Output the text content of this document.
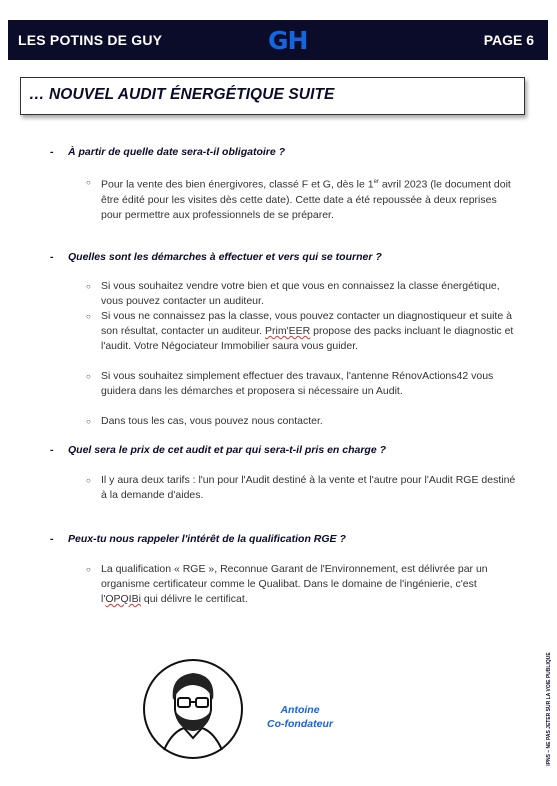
LES POTINS DE GUY	GH	PAGE 6
… NOUVEL AUDIT ÉNERGÉTIQUE SUITE
- À partir de quelle date sera-t-il obligatoire ?
○ Pour la vente des bien énergivores, classé F et G, dès le 1er avril 2023 (le document doit être édité pour les visites dès cette date). Cette date a été repoussée à deux reprises pour permettre aux professionnels de se préparer.
- Quelles sont les démarches à effectuer et vers qui se tourner ?
○ Si vous souhaitez vendre votre bien et que vous en connaissez la classe énergétique, vous pouvez contacter un auditeur.
○ Si vous ne connaissez pas la classe, vous pouvez contacter un diagnostiqueur et suite à son résultat, contacter un auditeur. Prim'EER propose des packs incluant le diagnostic et l'audit. Votre Négociateur Immobilier saura vous guider.
○ Si vous souhaitez simplement effectuer des travaux, l'antenne RénovActions42 vous guidera dans les démarches et proposera si nécessaire un Audit.
○ Dans tous les cas, vous pouvez nous contacter.
- Quel sera le prix de cet audit et par qui sera-t-il pris en charge ?
○ Il y aura deux tarifs : l'un pour l'Audit destiné à la vente et l'autre pour l'Audit RGE destiné à la demande d'aides.
- Peux-tu nous rappeler l'intérêt de la qualification RGE ?
○ La qualification « RGE », Reconnue Garant de l'Environnement, est délivrée par un organisme certificateur comme le Qualibat. Dans le domaine de l'ingénierie, c'est l'OPQIBi qui délivre le certificat.
Antoine
Co-fondateur	IPNS – NE PAS JETER SUR LA VOIE PUBLIQUE
